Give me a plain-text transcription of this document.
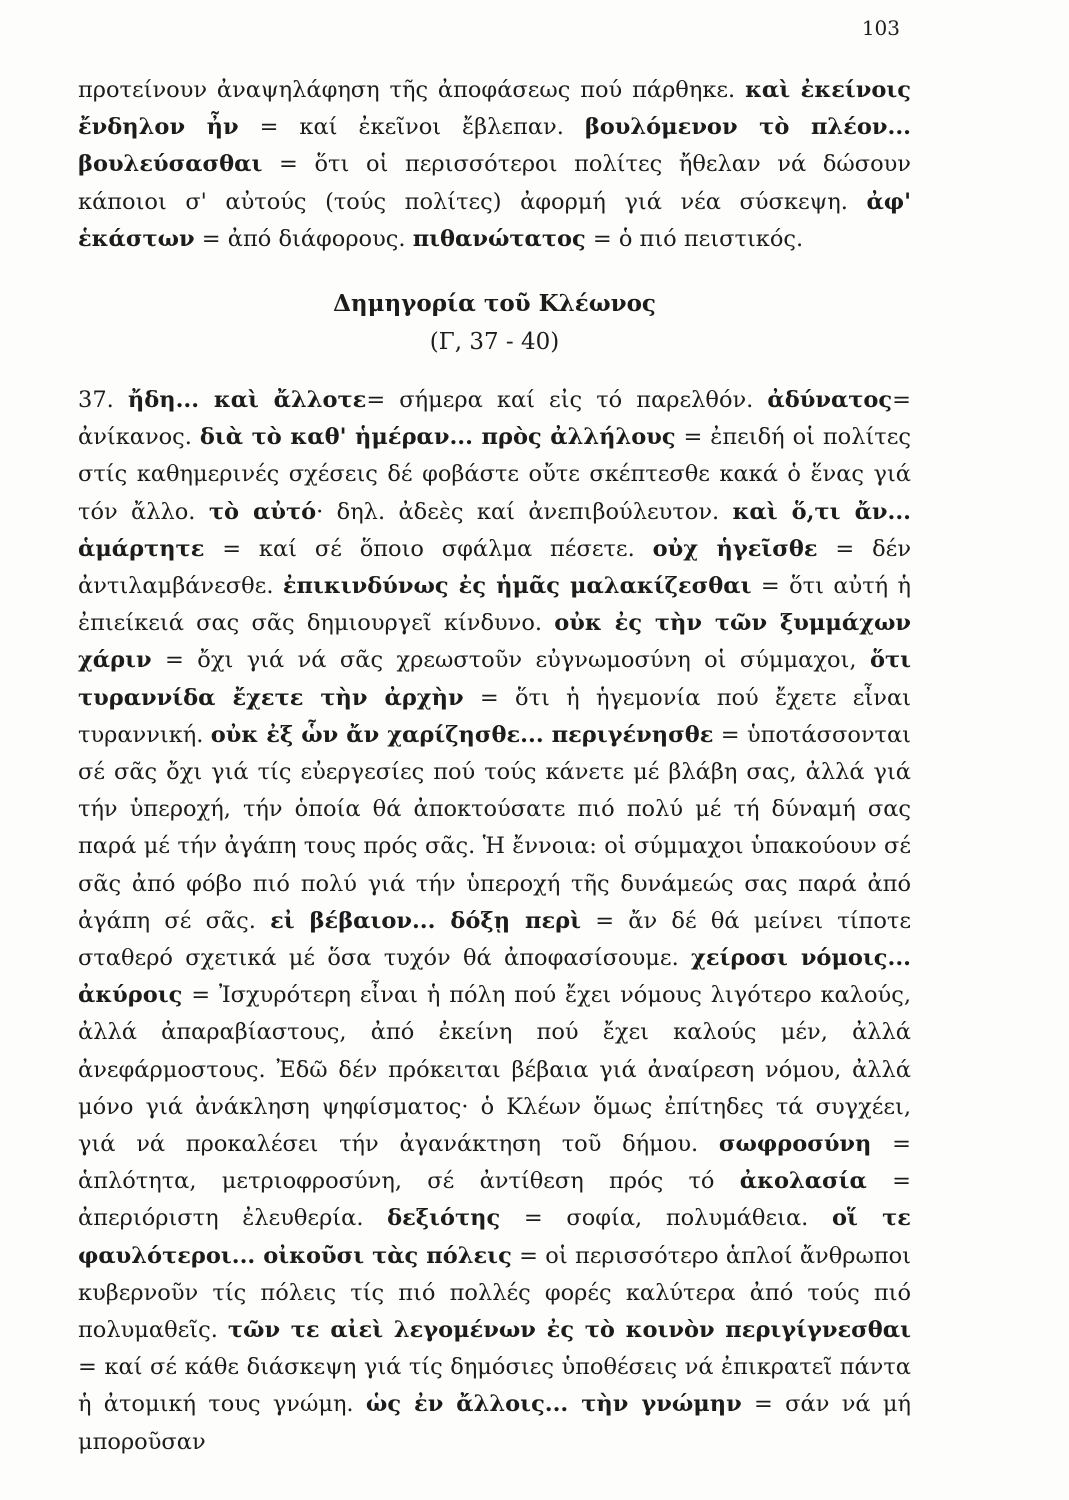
103

προτείνουν ἀναψηλάφηση τῆς ἀποφάσεως πού πάρθηκε. καὶ ἐκείνοις ἔνδηλον ἦν = καί ἐκεῖνοι ἔβλεπαν. βουλόμενον τὸ πλέον... βουλεύσασθαι = ὅτι οἱ περισσότεροι πολίτες ἤθελαν νά δώσουν κάποιοι σ' αὐτούς (τούς πολίτες) ἀφορμή γιά νέα σύσκεψη. ἀφ' ἑκάστων = ἀπό διάφορους. πιθανώτατος = ὁ πιό πειστικός.

Δημηγορία τοῦ Κλέωνος
(Γ, 37 - 40)

37. ἤδη... καὶ ἄλλοτε= σήμερα καί εἰς τό παρελθόν. ἀδύνατος= ἀνίκανος. διὰ τὸ καθ' ἡμέραν... πρὸς ἀλλήλους = ἐπειδή οἱ πολίτες στίς καθημερινές σχέσεις δέ φοβάστε οὔτε σκέπτεσθε κακά ὁ ἕνας γιά τόν ἄλλο. τὸ αὐτό· δηλ. ἀδεὲς καί ἀνεπιβούλευτον. καὶ ὅ,τι ἄν... ἁμάρτητε = καί σέ ὅποιο σφάλμα πέσετε. οὐχ ἡγεῖσθε = δέν ἀντιλαμβάνεσθε. ἐπικινδύνως ἐς ἡμᾶς μαλακίζεσθαι = ὅτι αὐτή ἡ ἐπιείκειά σας σᾶς δημιουργεῖ κίνδυνο. οὐκ ἐς τὴν τῶν ξυμμάχων χάριν = ὄχι γιά νά σᾶς χρεωστοῦν εὐγνωμοσύνη οἱ σύμμαχοι, ὅτι τυραννίδα ἔχετε τὴν ἀρχὴν = ὅτι ἡ ἡγεμονία πού ἔχετε εἶναι τυραννική. οὐκ ἐξ ὧν ἄν χαρίζησθε... περιγένησθε = ὑποτάσσονται σέ σᾶς ὄχι γιά τίς εὐεργεσίες πού τούς κάνετε μέ βλάβη σας, ἀλλά γιά τήν ὑπεροχή, τήν ὁποία θά ἀποκτούσατε πιό πολύ μέ τή δύναμή σας παρά μέ τήν ἀγάπη τους πρός σᾶς. Ἡ ἔννοια: οἱ σύμμαχοι ὑπακούουν σέ σᾶς ἀπό φόβο πιό πολύ γιά τήν ὑπεροχή τῆς δυνάμεώς σας παρά ἀπό ἀγάπη σέ σᾶς. εἰ βέβαιον... δόξῃ περὶ = ἄν δέ θά μείνει τίποτε σταθερό σχετικά μέ ὅσα τυχόν θά ἀποφασίσουμε. χείροσι νόμοις... ἀκύροις = Ἰσχυρότερη εἶναι ἡ πόλη πού ἔχει νόμους λιγότερο καλούς, ἀλλά ἀπαραβίαστους, ἀπό ἐκείνη πού ἔχει καλούς μέν, ἀλλά ἀνεφάρμοστους. Ἐδῶ δέν πρόκειται βέβαια γιά ἀναίρεση νόμου, ἀλλά μόνο γιά ἀνάκληση ψηφίσματος· ὁ Κλέων ὅμως ἐπίτηδες τά συγχέει, γιά νά προκαλέσει τήν ἀγανάκτηση τοῦ δήμου. σωφροσύνη = ἁπλότητα, μετριοφροσύνη, σέ ἀντίθεση πρός τό ἀκολασία = ἀπεριόριστη ἐλευθερία. δεξιότης = σοφία, πολυμάθεια. οἵ τε φαυλότεροι... οἰκοῦσι τὰς πόλεις = οἱ περισσότερο ἁπλοί ἄνθρωποι κυβερνοῦν τίς πόλεις τίς πιό πολλές φορές καλύτερα ἀπό τούς πιό πολυμαθεῖς. τῶν τε αἰεὶ λεγομένων ἐς τὸ κοινὸν περιγίγνεσθαι = καί σέ κάθε διάσκεψη γιά τίς δημόσιες ὑποθέσεις νά ἐπικρατεῖ πάντα ἡ ἀτομική τους γνώμη. ὡς ἐν ἄλλοις... τὴν γνώμην = σάν νά μή μποροῦσαν
